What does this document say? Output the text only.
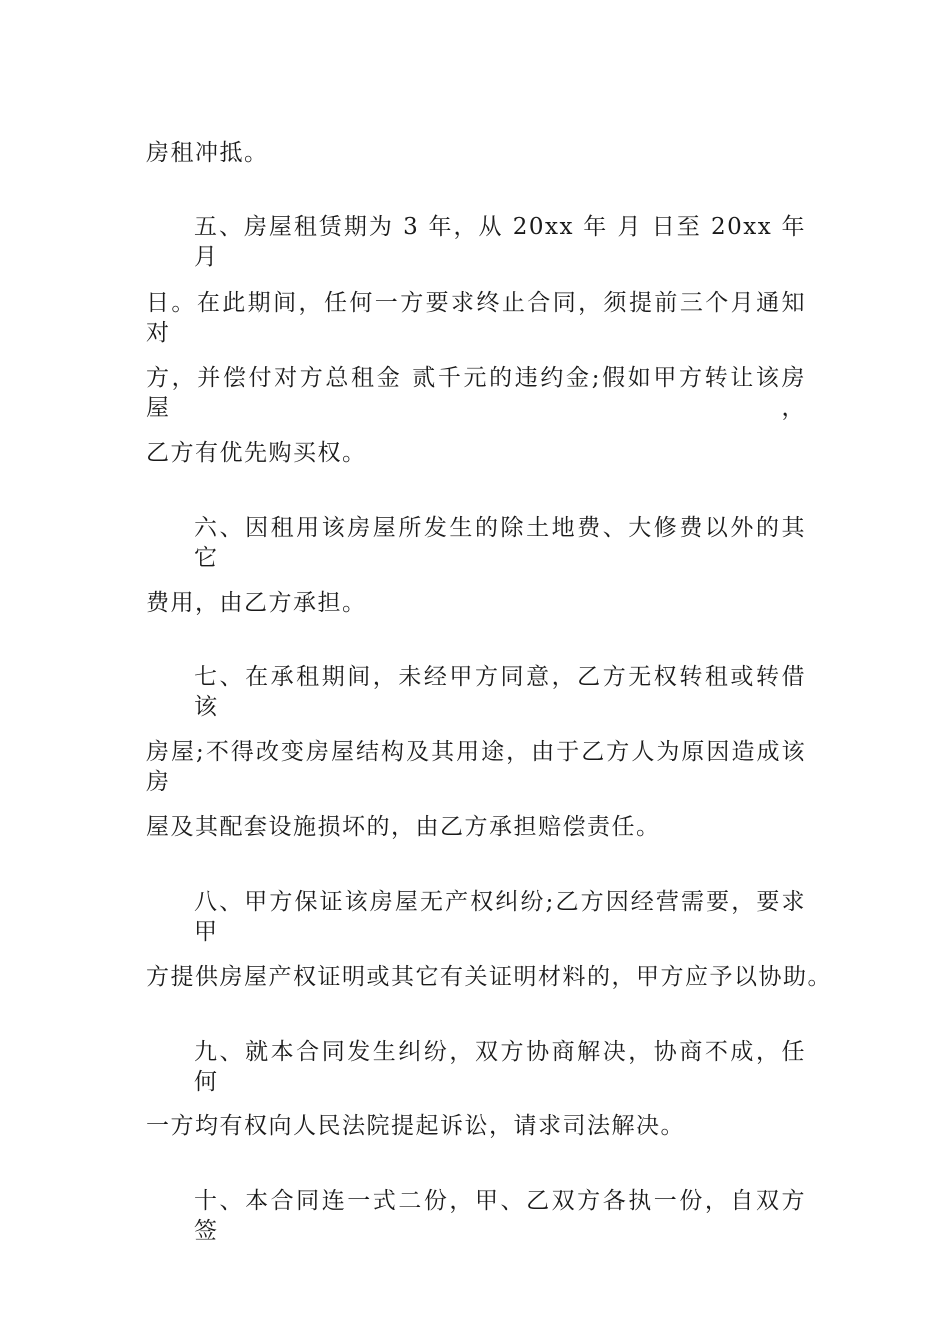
房租冲抵。
五、房屋租赁期为 3 年，从 20xx 年 月 日至 20xx 年 月
日。在此期间，任何一方要求终止合同，须提前三个月通知对
方，并偿付对方总租金 贰千元的违约金;假如甲方转让该房屋，
乙方有优先购买权。
六、因租用该房屋所发生的除土地费、大修费以外的其它
费用，由乙方承担。
七、在承租期间，未经甲方同意，乙方无权转租或转借该
房屋;不得改变房屋结构及其用途，由于乙方人为原因造成该房
屋及其配套设施损坏的，由乙方承担赔偿责任。
八、甲方保证该房屋无产权纠纷;乙方因经营需要，要求甲
方提供房屋产权证明或其它有关证明材料的，甲方应予以协助。
九、就本合同发生纠纷，双方协商解决，协商不成，任何
一方均有权向人民法院提起诉讼，请求司法解决。
十、本合同连一式二份，甲、乙双方各执一份，自双方签
